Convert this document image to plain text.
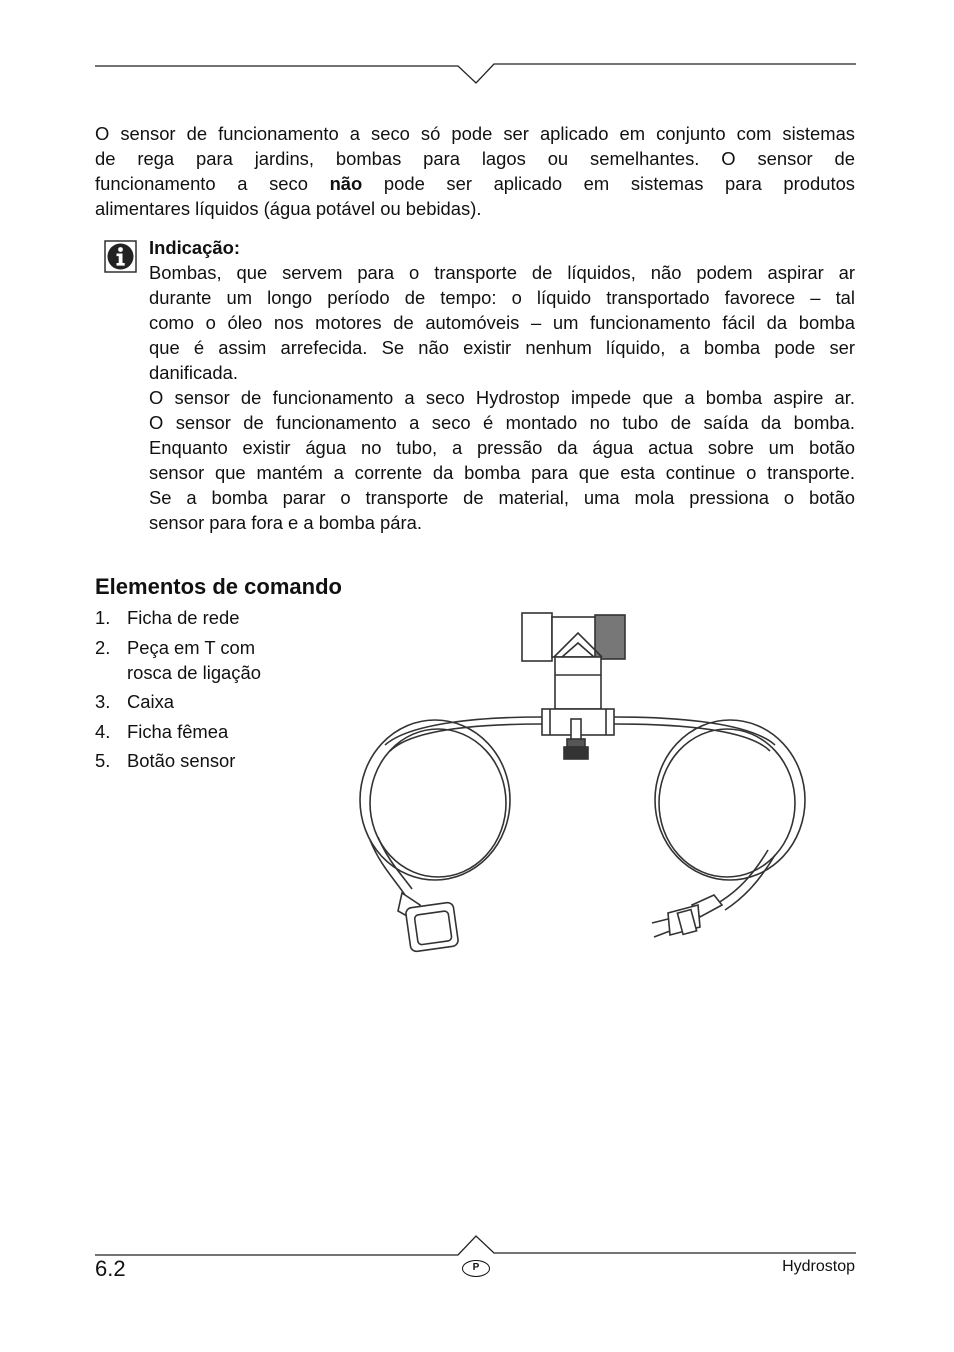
O sensor de funcionamento a seco só pode ser aplicado em conjunto com sistemas
de rega para jardins, bombas para lagos ou semelhantes. O sensor de
funcionamento a seco não pode ser aplicado em sistemas para produtos
alimentares líquidos (água potável ou bebidas).
Indicação:
Bombas, que servem para o transporte de líquidos, não podem aspirar ar
durante um longo período de tempo: o líquido transportado favorece – tal
como o óleo nos motores de automóveis – um funcionamento fácil da bomba
que é assim arrefecida. Se não existir nenhum líquido, a bomba pode ser
danificada.
O sensor de funcionamento a seco Hydrostop impede que a bomba aspire ar.
O sensor de funcionamento a seco é montado no tubo de saída da bomba.
Enquanto existir água no tubo, a pressão da água actua sobre um botão
sensor que mantém a corrente da bomba para que esta continue o transporte.
Se a bomba parar o transporte de material, uma mola pressiona o botão
sensor para fora e a bomba pára.
Elementos de comando
1. Ficha de rede
2. Peça em T com
rosca de ligação
3. Caixa
4. Ficha fêmea
5. Botão sensor
6.2	P	Hydrostop
